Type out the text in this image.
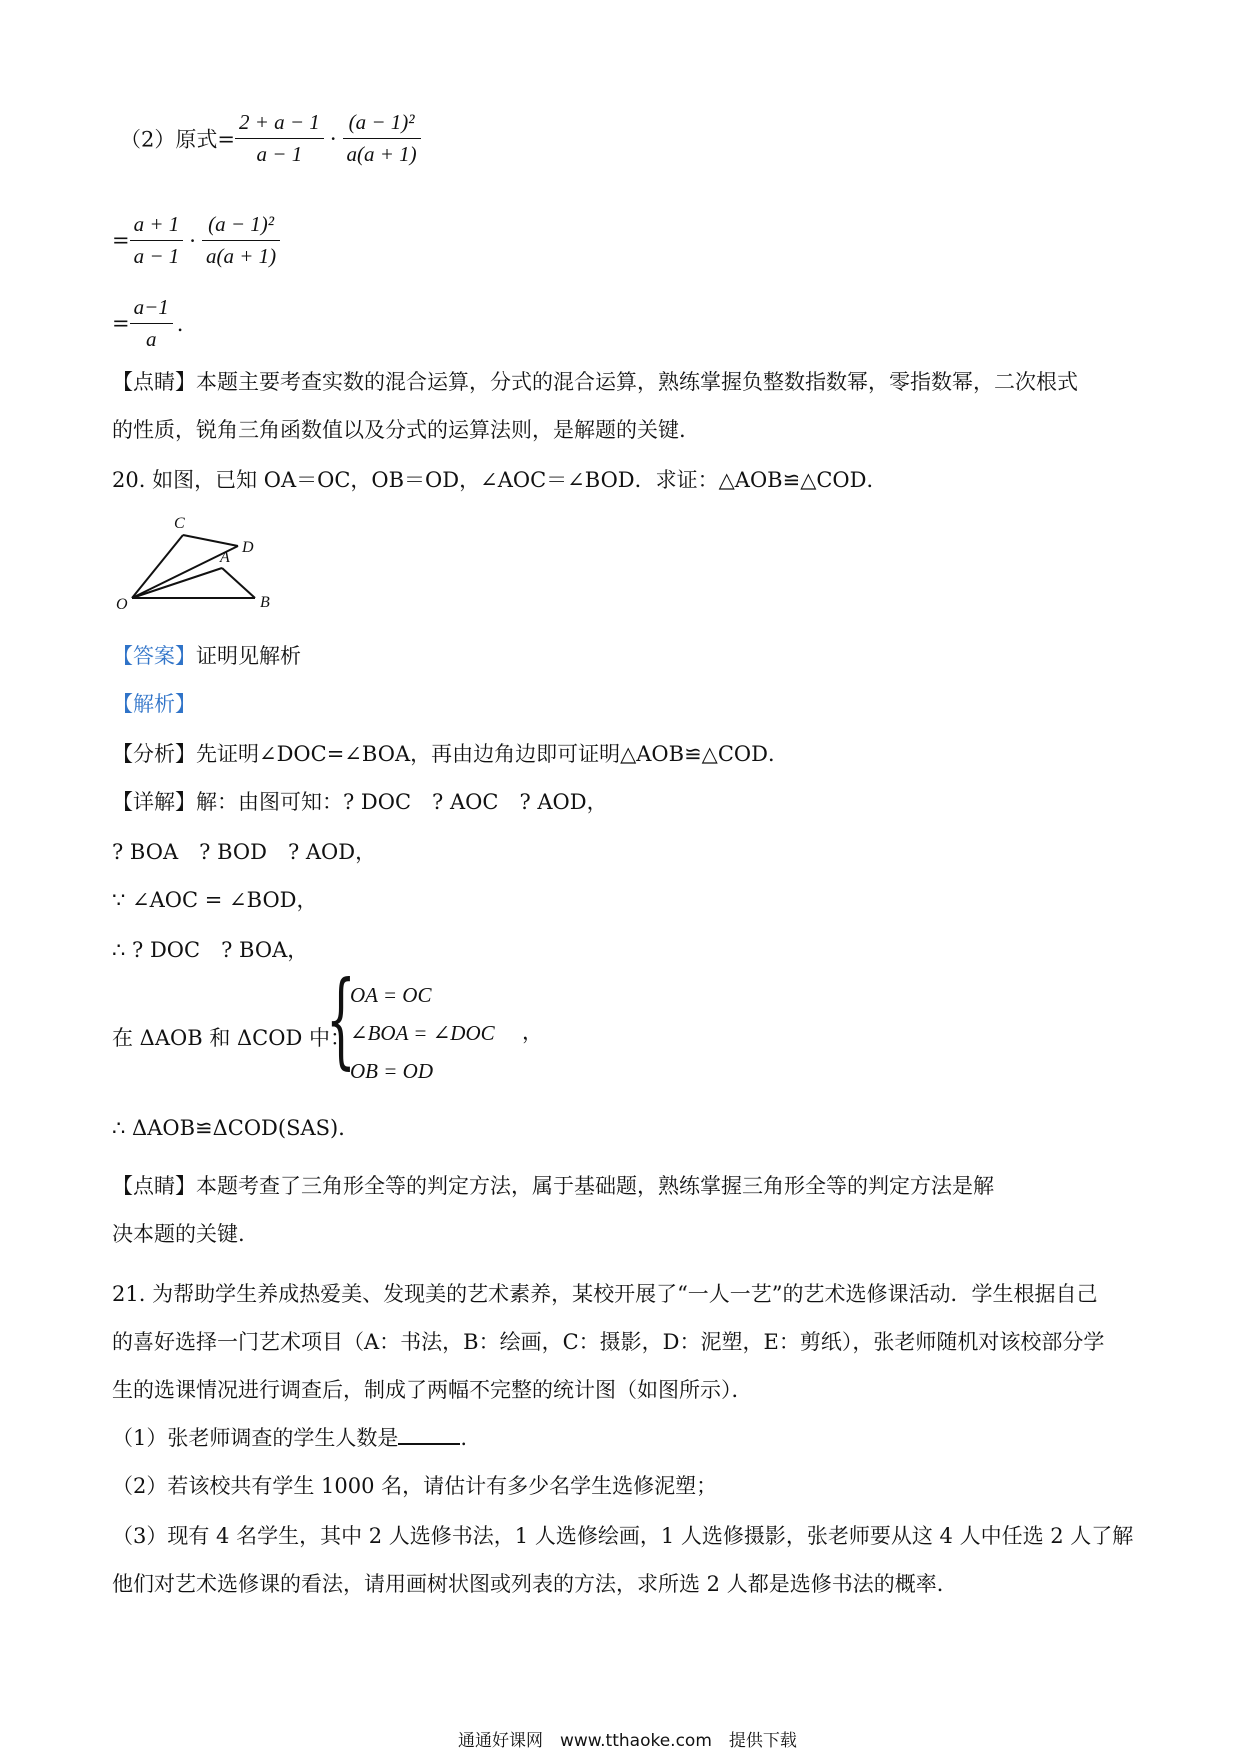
（2）原式= $\frac{2 + a - 1}{a - 1} \cdot \frac{\text{(a − 1)²}}{a(a + 1)}$
= $\frac{a + 1}{a - 1} \cdot \frac{\text{(a − 1)²}}{a(a + 1)}$
= $\frac{a-1}{a}$ .
【点睛】本题主要考查实数的混合运算，分式的混合运算，熟练掌握负整数指数幂，零指数幂，二次根式
的性质，锐角三角函数值以及分式的运算法则，是解题的关键.
20. 如图，已知 OA＝OC，OB＝OD，∠AOC＝∠BOD．求证：△AOB≌△COD．
O
C
D
A
B
【答案】证明见解析
【解析】
【分析】先证明∠DOC=∠BOA，再由边角边即可证明△AOB≌△COD．
【详解】解：由图可知：? DOC　? AOC　? AOD，
? BOA　? BOD　? AOD，
∵ ∠AOC = ∠BOD，
∴ ? DOC　? BOA，
在 ΔAOB 和 ΔCOD 中：
{
OA = OC
∠BOA = ∠DOC
OB = OD
，
∴ ΔAOB≌ΔCOD(SAS)．
【点睛】本题考查了三角形全等的判定方法，属于基础题，熟练掌握三角形全等的判定方法是解
决本题的关键.
21. 为帮助学生养成热爱美、发现美的艺术素养，某校开展了“一人一艺”的艺术选修课活动．学生根据自己
的喜好选择一门艺术项目（A：书法，B：绘画，C：摄影，D：泥塑，E：剪纸），张老师随机对该校部分学
生的选课情况进行调查后，制成了两幅不完整的统计图（如图所示）．
（1）张老师调查的学生人数是	.
（2）若该校共有学生 1000 名，请估计有多少名学生选修泥塑；
（3）现有 4 名学生，其中 2 人选修书法，1 人选修绘画，1 人选修摄影，张老师要从这 4 人中任选 2 人了解
他们对艺术选修课的看法，请用画树状图或列表的方法，求所选 2 人都是选修书法的概率．
通通好课网　www.tthaoke.com　提供下载
